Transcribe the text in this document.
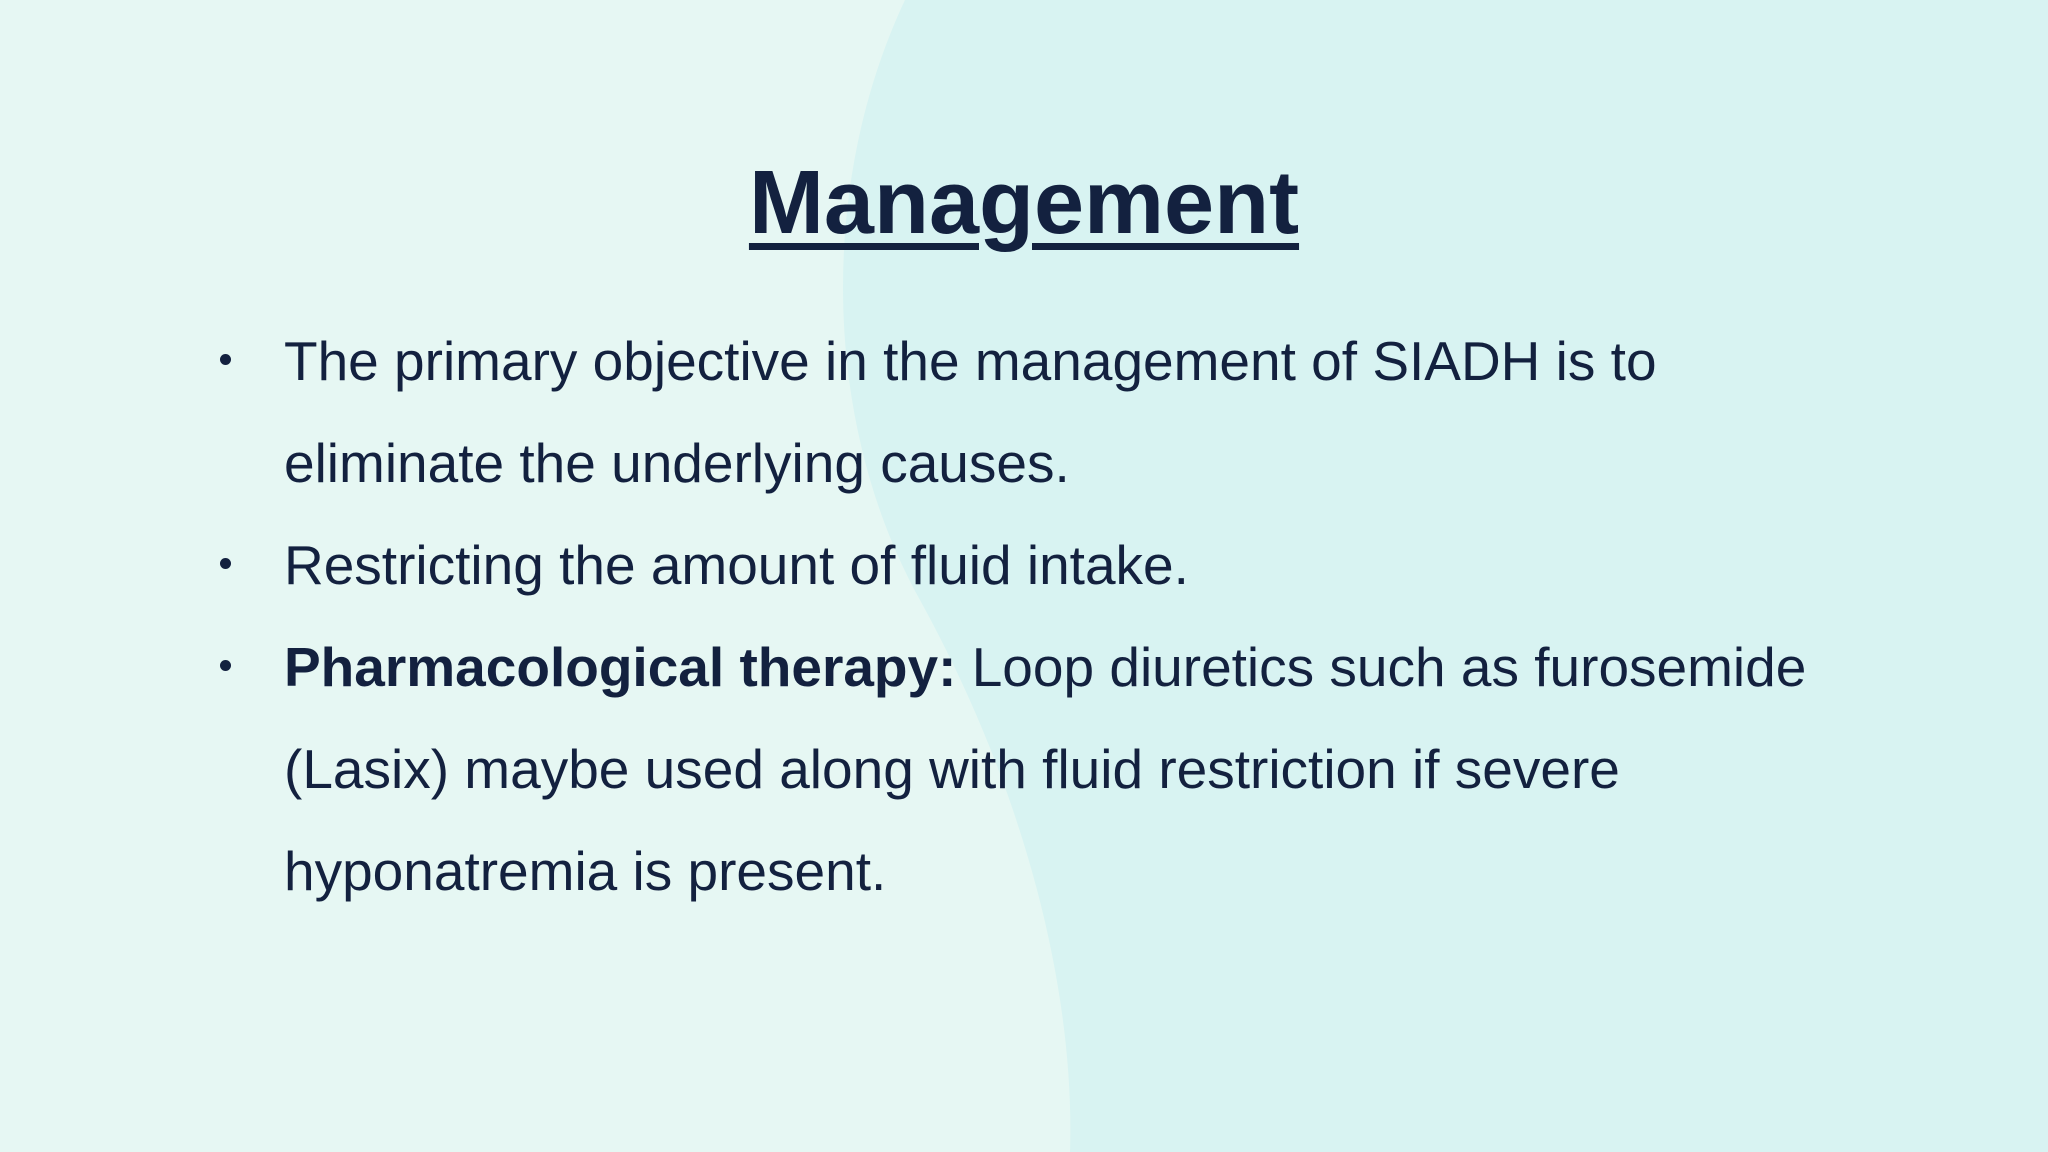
Management
The primary objective in the management of SIADH is to eliminate the underlying causes.
Restricting the amount of fluid intake.
Pharmacological therapy: Loop diuretics such as furosemide (Lasix) maybe used along with fluid restriction if severe hyponatremia is present.
